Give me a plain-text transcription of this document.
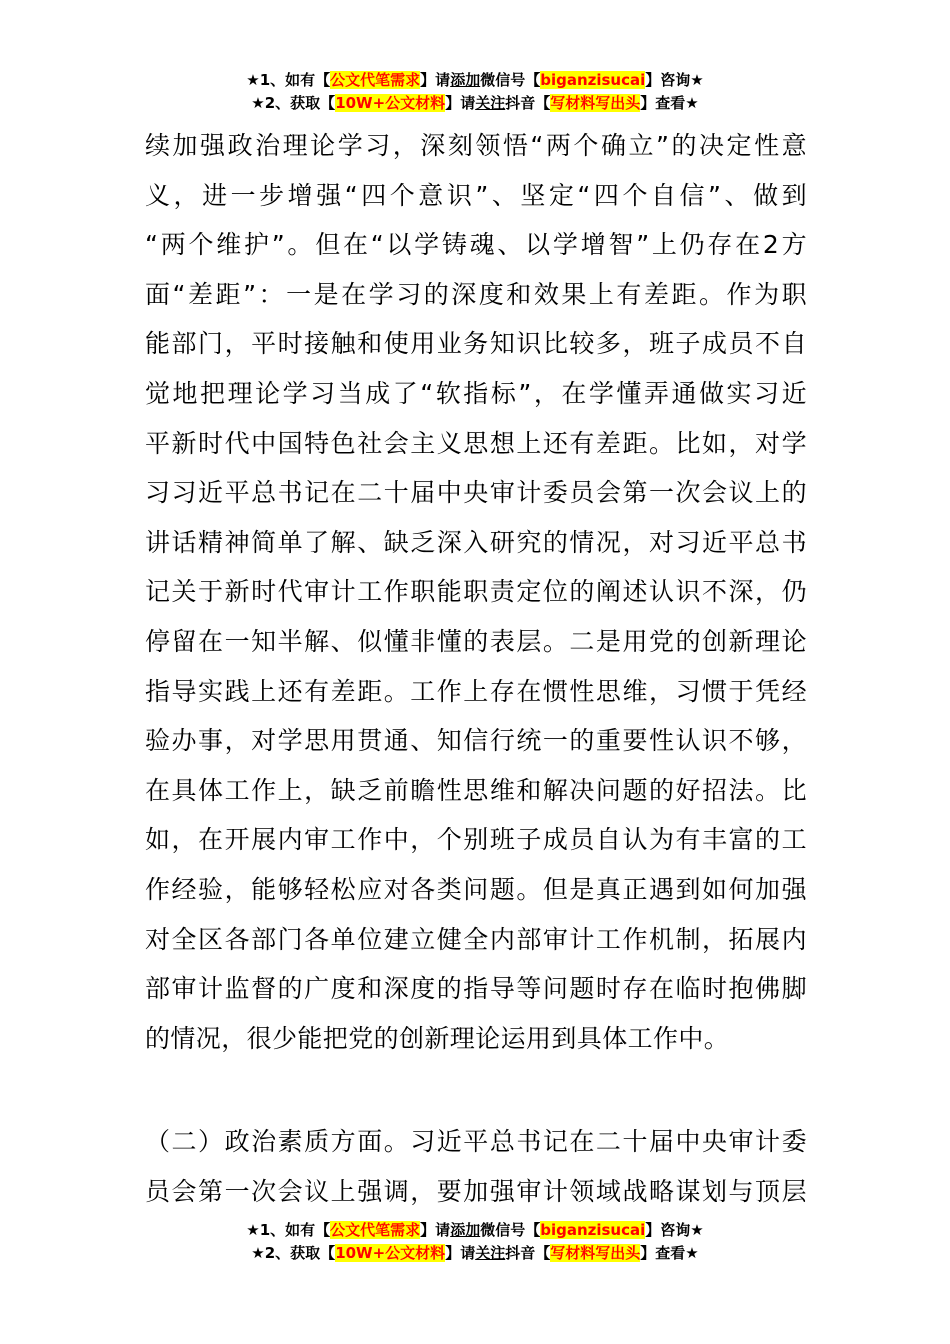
★1、如有【公文代笔需求】请添加微信号【biganzisucai】咨询★
★2、获取【10W+公文材料】请关注抖音【写材料写出头】查看★
续加强政治理论学习，深刻领悟“两个确立”的决定性意
义，进一步增强“四个意识”、坚定“四个自信”、做到
“两个维护”。但在“以学铸魂、以学增智”上仍存在2方
面“差距”：一是在学习的深度和效果上有差距。作为职
能部门，平时接触和使用业务知识比较多，班子成员不自
觉地把理论学习当成了“软指标”，在学懂弄通做实习近
平新时代中国特色社会主义思想上还有差距。比如，对学
习习近平总书记在二十届中央审计委员会第一次会议上的
讲话精神简单了解、缺乏深入研究的情况，对习近平总书
记关于新时代审计工作职能职责定位的阐述认识不深，仍
停留在一知半解、似懂非懂的表层。二是用党的创新理论
指导实践上还有差距。工作上存在惯性思维，习惯于凭经
验办事，对学思用贯通、知信行统一的重要性认识不够，
在具体工作上，缺乏前瞻性思维和解决问题的好招法。比
如，在开展内审工作中，个别班子成员自认为有丰富的工
作经验，能够轻松应对各类问题。但是真正遇到如何加强
对全区各部门各单位建立健全内部审计工作机制，拓展内
部审计监督的广度和深度的指导等问题时存在临时抱佛脚
的情况，很少能把党的创新理论运用到具体工作中。
（二）政治素质方面。习近平总书记在二十届中央审计委
员会第一次会议上强调，要加强审计领域战略谋划与顶层
★1、如有【公文代笔需求】请添加微信号【biganzisucai】咨询★
★2、获取【10W+公文材料】请关注抖音【写材料写出头】查看★
